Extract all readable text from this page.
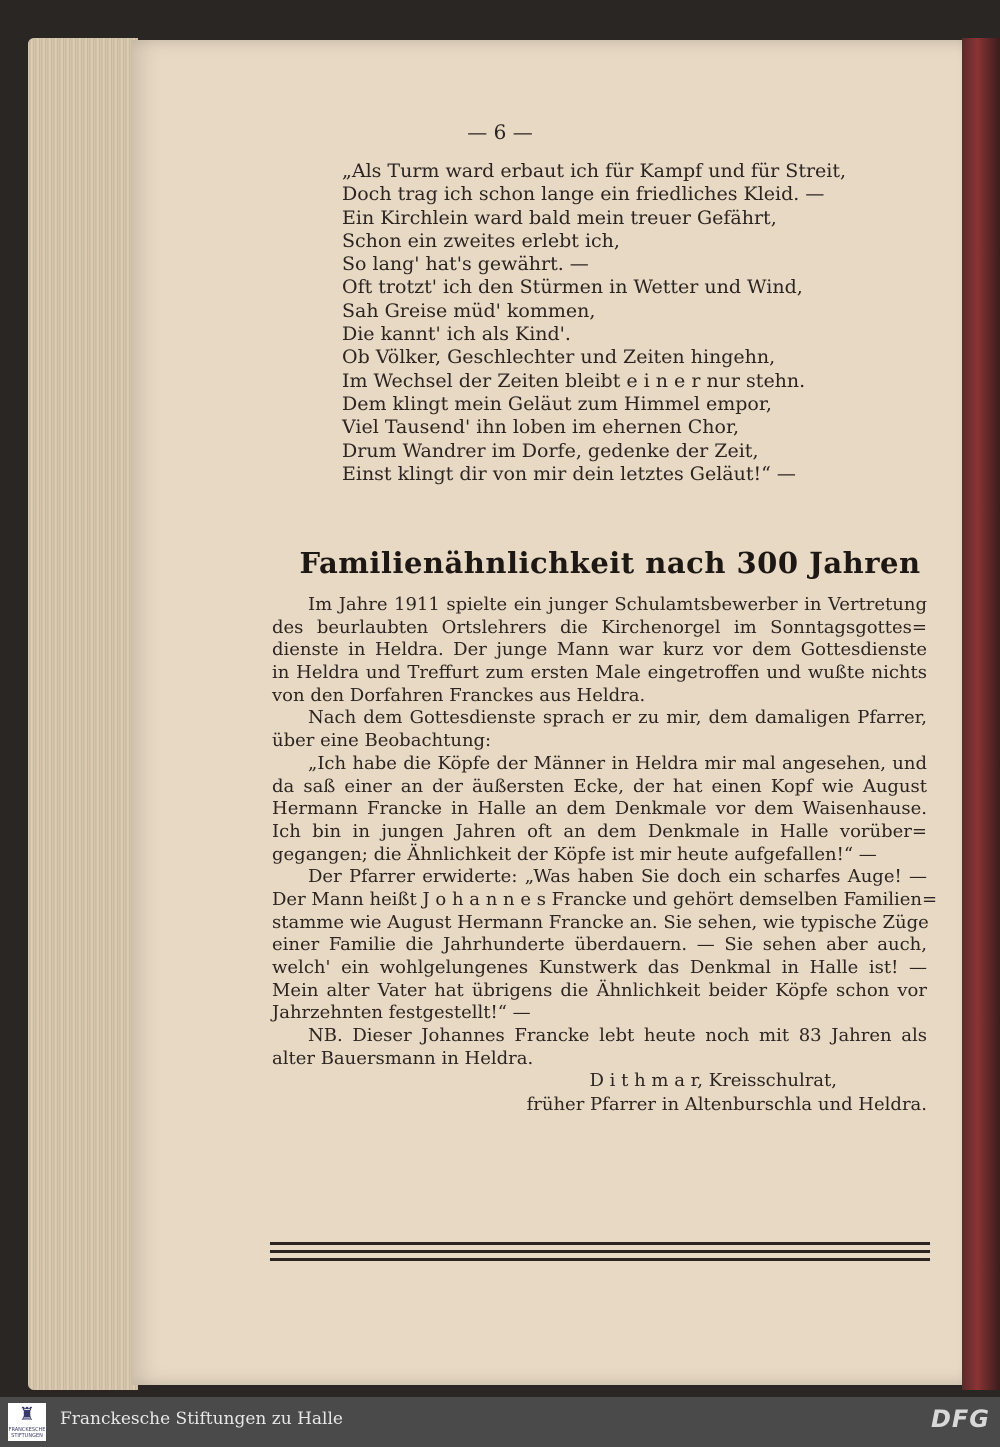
— 6 —
„Als Turm ward erbaut ich für Kampf und für Streit,
Doch trag ich schon lange ein friedliches Kleid. —
Ein Kirchlein ward bald mein treuer Gefährt,
Schon ein zweites erlebt ich,
So lang' hat's gewährt. —
Oft trotzt' ich den Stürmen in Wetter und Wind,
Sah Greise müd' kommen,
Die kannt' ich als Kind'.
Ob Völker, Geschlechter und Zeiten hingehn,
Im Wechsel der Zeiten bleibt e i n e r nur stehn.
Dem klingt mein Geläut zum Himmel empor,
Viel Tausend' ihn loben im ehernen Chor,
Drum Wandrer im Dorfe, gedenke der Zeit,
Einst klingt dir von mir dein letztes Geläut!“ —
Familienähnlichkeit nach 300 Jahren

Im Jahre 1911 spielte ein junger Schulamtsbewerber in Vertretung
des beurlaubten Ortslehrers die Kirchenorgel im Sonntagsgottes=
dienste in Heldra. Der junge Mann war kurz vor dem Gottesdienste
in Heldra und Treffurt zum ersten Male eingetroffen und wußte nichts
von den Dorfahren Franckes aus Heldra.

Nach dem Gottesdienste sprach er zu mir, dem damaligen Pfarrer,
über eine Beobachtung:

„Ich habe die Köpfe der Männer in Heldra mir mal angesehen, und
da saß einer an der äußersten Ecke, der hat einen Kopf wie August
Hermann Francke in Halle an dem Denkmale vor dem Waisenhause.
Ich bin in jungen Jahren oft an dem Denkmale in Halle vorüber=
gegangen; die Ähnlichkeit der Köpfe ist mir heute aufgefallen!“ —

Der Pfarrer erwiderte: „Was haben Sie doch ein scharfes Auge! —
Der Mann heißt J o h a n n e s Francke und gehört demselben Familien=
stamme wie August Hermann Francke an. Sie sehen, wie typische Züge
einer Familie die Jahrhunderte überdauern. — Sie sehen aber auch,
welch' ein wohlgelungenes Kunstwerk das Denkmal in Halle ist! —
Mein alter Vater hat übrigens die Ähnlichkeit beider Köpfe schon vor
Jahrzehnten festgestellt!“ —

NB. Dieser Johannes Francke lebt heute noch mit 83 Jahren als
alter Bauersmann in Heldra.

D i t h m a r, Kreisschulrat,
früher Pfarrer in Altenburschla und Heldra.
♜
FRANCKESCHE STIFTUNGEN
Franckesche Stiftungen zu Halle	DFG
